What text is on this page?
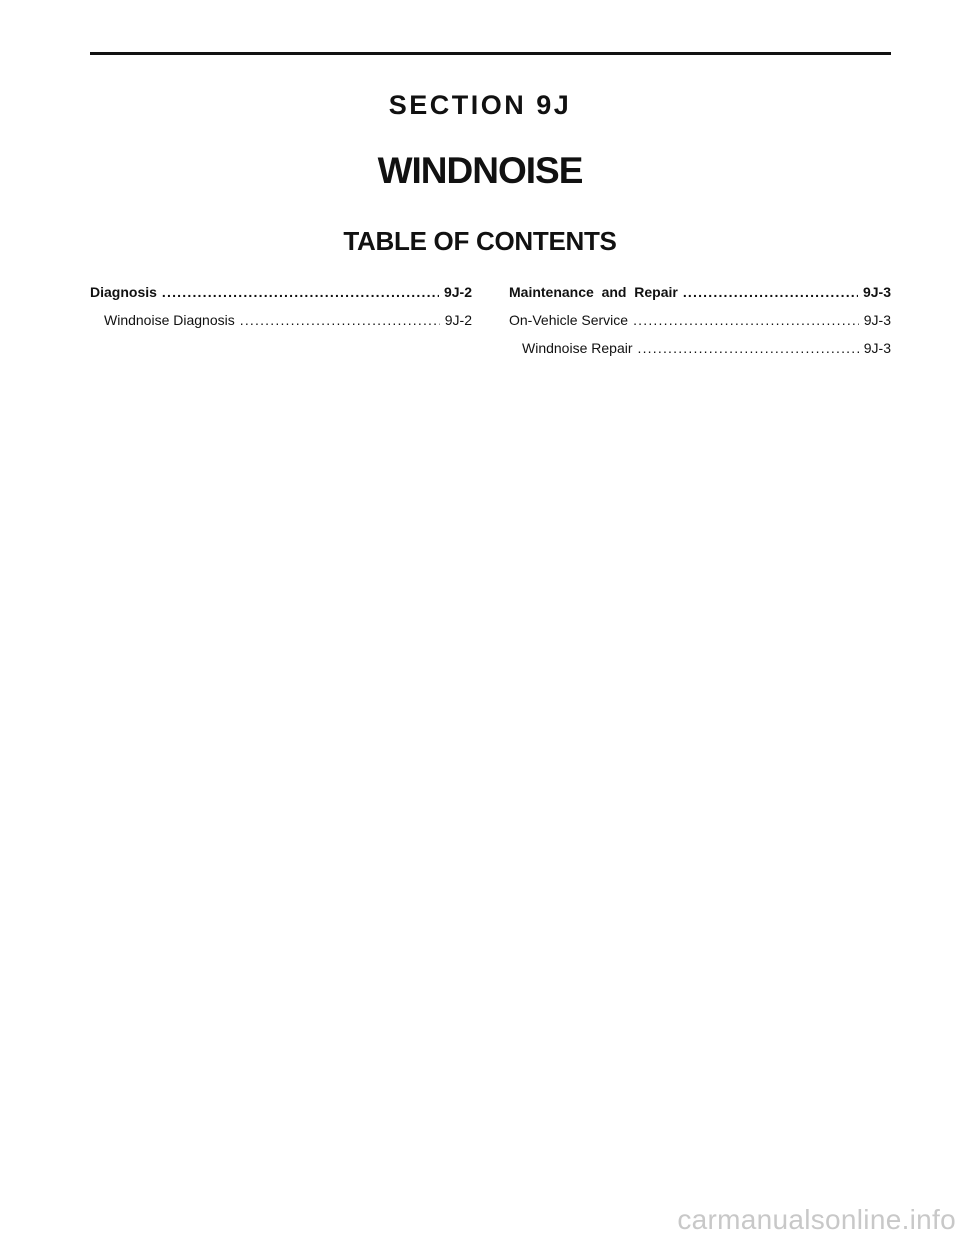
SECTION 9J
WINDNOISE
TABLE OF CONTENTS
Diagnosis .....	9J-2
Windnoise Diagnosis .....	9J-2
Maintenance  and  Repair .....	9J-3
On-Vehicle Service .....	9J-3
Windnoise Repair .....	9J-3
carmanualsonline.info
